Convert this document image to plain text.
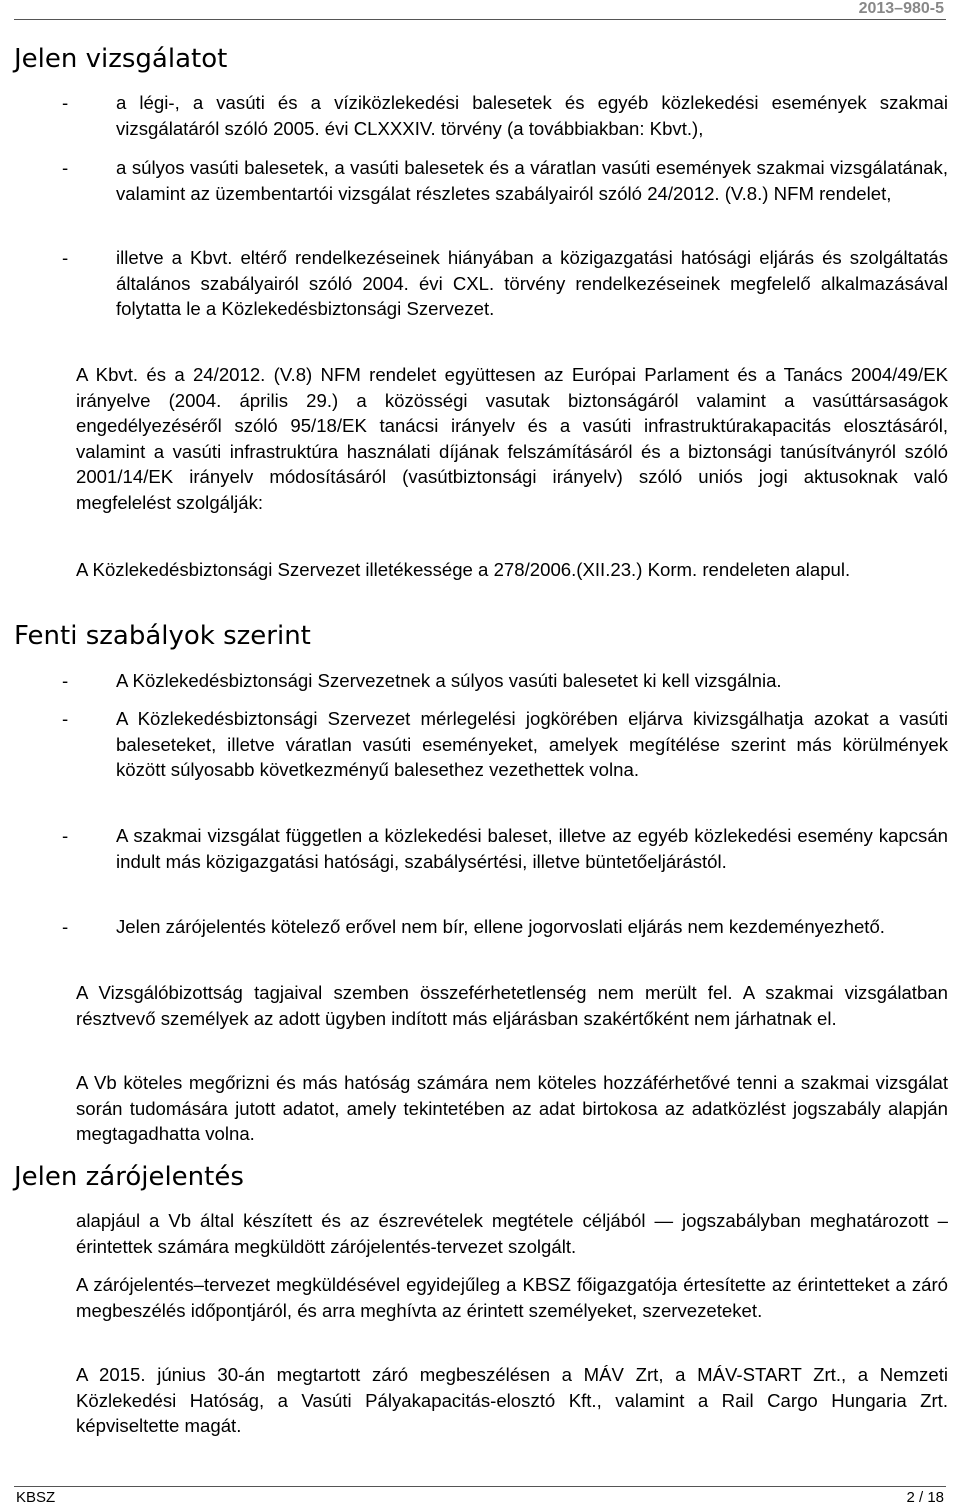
2013–980-5
Jelen vizsgálatot
-	a légi-, a vasúti és a víziközlekedési balesetek és egyéb közlekedési események szakmai vizsgálatáról szóló 2005. évi CLXXXIV. törvény (a továbbiakban: Kbvt.),
-	a súlyos vasúti balesetek, a vasúti balesetek és a váratlan vasúti események szakmai vizsgálatának, valamint az üzembentartói vizsgálat részletes szabályairól szóló 24/2012. (V.8.) NFM rendelet,
-	illetve a Kbvt. eltérő rendelkezéseinek hiányában a közigazgatási hatósági eljárás és szolgáltatás általános szabályairól szóló 2004. évi CXL. törvény rendelkezéseinek megfelelő alkalmazásával folytatta le a Közlekedésbiztonsági Szervezet.
A Kbvt. és a 24/2012. (V.8) NFM rendelet együttesen az Európai Parlament és a Tanács 2004/49/EK irányelve (2004. április 29.) a közösségi vasutak biztonságáról valamint a vasúttársaságok engedélyezéséről szóló 95/18/EK tanácsi irányelv és a vasúti infrastruktúrakapacitás elosztásáról, valamint a vasúti infrastruktúra használati díjának felszámításáról és a biztonsági tanúsítványról szóló 2001/14/EK irányelv módosításáról (vasútbiztonsági irányelv) szóló uniós jogi aktusoknak való megfelelést szolgálják:
A Közlekedésbiztonsági Szervezet illetékessége a 278/2006.(XII.23.) Korm. rendeleten alapul.
Fenti szabályok szerint
-	A Közlekedésbiztonsági Szervezetnek a súlyos vasúti balesetet ki kell vizsgálnia.
-	A Közlekedésbiztonsági Szervezet mérlegelési jogkörében eljárva kivizsgálhatja azokat a vasúti baleseteket, illetve váratlan vasúti eseményeket, amelyek megítélése szerint más körülmények között súlyosabb következményű balesethez vezethettek volna.
-	A szakmai vizsgálat független a közlekedési baleset, illetve az egyéb közlekedési esemény kapcsán indult más közigazgatási hatósági, szabálysértési, illetve büntetőeljárástól.
-	Jelen zárójelentés kötelező erővel nem bír, ellene jogorvoslati eljárás nem kezdeményezhető.
A Vizsgálóbizottság tagjaival szemben összeférhetetlenség nem merült fel. A szakmai vizsgálatban résztvevő személyek az adott ügyben indított más eljárásban szakértőként nem járhatnak el.
A Vb köteles megőrizni és más hatóság számára nem köteles hozzáférhetővé tenni a szakmai vizsgálat során tudomására jutott adatot, amely tekintetében az adat birtokosa az adatközlést jogszabály alapján megtagadhatta volna.
Jelen zárójelentés
alapjául a Vb által készített és az észrevételek megtétele céljából — jogszabályban meghatározott – érintettek számára megküldött zárójelentés-tervezet szolgált.
A zárójelentés–tervezet megküldésével egyidejűleg a KBSZ főigazgatója értesítette az érintetteket a záró megbeszélés időpontjáról, és arra meghívta az érintett személyeket, szervezeteket.
A 2015. június 30-án megtartott záró megbeszélésen a MÁV Zrt, a MÁV-START Zrt., a Nemzeti Közlekedési Hatóság, a Vasúti Pályakapacitás-elosztó Kft., valamint a Rail Cargo Hungaria Zrt. képviseltette magát.
KBSZ	2 / 18
